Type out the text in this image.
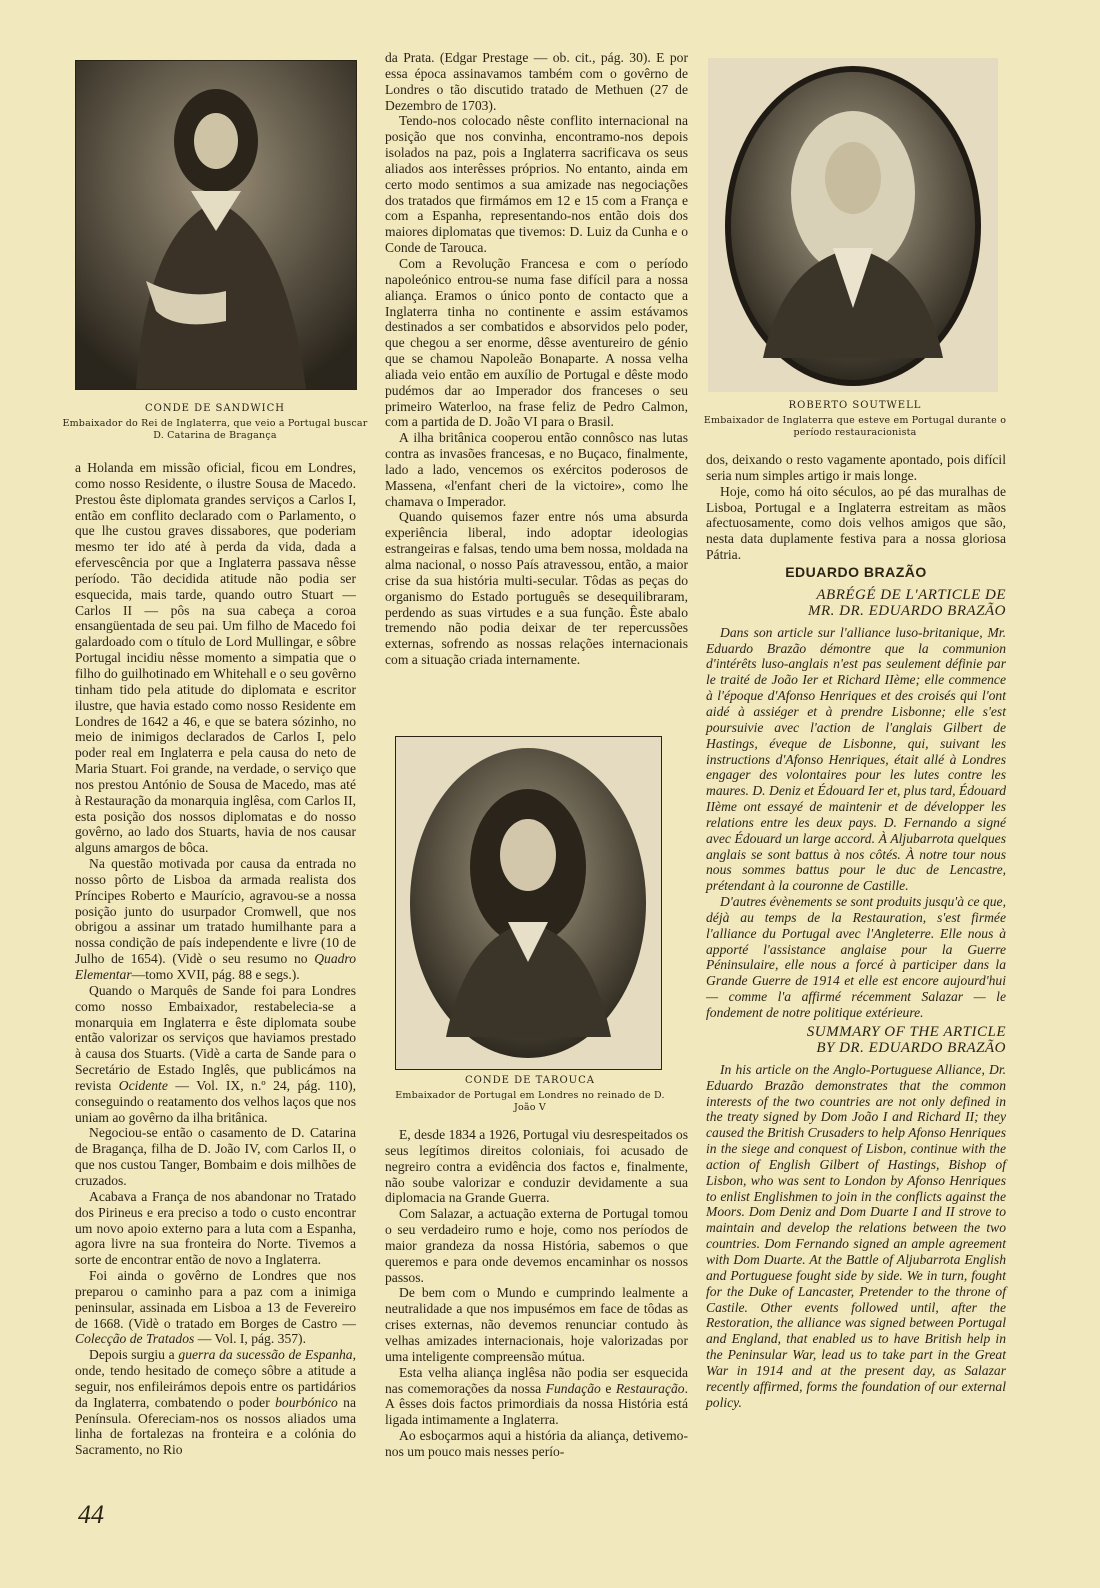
CONDE DE SANDWICH
Embaixador do Rei de Inglaterra, que veio a Portugal buscar D. Catarina de Bragança

a Holanda em missão oficial, ficou em Londres, como nosso Residente, o ilustre Sousa de Macedo. Prestou êste diplomata grandes serviços a Carlos I, então em conflito declarado com o Parlamento, o que lhe custou graves dissabores, que poderiam mesmo ter ido até à perda da vida, dada a efervescência por que a Inglaterra passava nêsse período. Tão decidida atitude não podia ser esquecida, mais tarde, quando outro Stuart — Carlos II — pôs na sua cabeça a coroa ensangüentada de seu pai. Um filho de Macedo foi galardoado com o título de Lord Mullingar, e sôbre Portugal incidiu nêsse momento a simpatia que o filho do guilhotinado em Whitehall e o seu govêrno tinham tido pela atitude do diplomata e escritor ilustre, que havia estado como nosso Residente em Londres de 1642 a 46, e que se batera sózinho, no meio de inimigos declarados de Carlos I, pelo poder real em Inglaterra e pela causa do neto de Maria Stuart. Foi grande, na verdade, o serviço que nos prestou António de Sousa de Macedo, mas até à Restauração da monarquia inglêsa, com Carlos II, esta posição dos nossos diplomatas e do nosso govêrno, ao lado dos Stuarts, havia de nos causar alguns amargos de bôca.

Na questão motivada por causa da entrada no nosso pôrto de Lisboa da armada realista dos Príncipes Roberto e Maurício, agravou-se a nossa posição junto do usurpador Cromwell, que nos obrigou a assinar um tratado humilhante para a nossa condição de país independente e livre (10 de Julho de 1654). (Vidè o seu resumo no Quadro Elementar—tomo XVII, pág. 88 e segs.).

Quando o Marquês de Sande foi para Londres como nosso Embaixador, restabelecia-se a monarquia em Inglaterra e êste diplomata soube então valorizar os serviços que haviamos prestado à causa dos Stuarts. (Vidè a carta de Sande para o Secretário de Estado Inglês, que publicámos na revista Ocidente — Vol. IX, n.º 24, pág. 110), conseguindo o reatamento dos velhos laços que nos uniam ao govêrno da ilha britânica.

Negociou-se então o casamento de D. Catarina de Bragança, filha de D. João IV, com Carlos II, o que nos custou Tanger, Bombaim e dois milhões de cruzados.

Acabava a França de nos abandonar no Tratado dos Pirineus e era preciso a todo o custo encontrar um novo apoio externo para a luta com a Espanha, agora livre na sua fronteira do Norte. Tivemos a sorte de encontrar então de novo a Inglaterra.

Foi ainda o govêrno de Londres que nos preparou o caminho para a paz com a inimiga peninsular, assinada em Lisboa a 13 de Fevereiro de 1668. (Vidè o tratado em Borges de Castro — Colecção de Tratados — Vol. I, pág. 357).

Depois surgiu a guerra da sucessão de Espanha, onde, tendo hesitado de começo sôbre a atitude a seguir, nos enfileirámos depois entre os partidários da Inglaterra, combatendo o poder bourbónico na Península. Ofereciam-nos os nossos aliados uma linha de fortalezas na fronteira e a colónia do Sacramento, no Rio

da Prata. (Edgar Prestage — ob. cit., pág. 30). E por essa época assinavamos também com o govêrno de Londres o tão discutido tratado de Methuen (27 de Dezembro de 1703).

Tendo-nos colocado nêste conflito internacional na posição que nos convinha, encontramo-nos depois isolados na paz, pois a Inglaterra sacrificava os seus aliados aos interêsses próprios. No entanto, ainda em certo modo sentimos a sua amizade nas negociações dos tratados que firmámos em 12 e 15 com a França e com a Espanha, representando-nos então dois dos maiores diplomatas que tivemos: D. Luiz da Cunha e o Conde de Tarouca.

Com a Revolução Francesa e com o período napoleónico entrou-se numa fase difícil para a nossa aliança. Eramos o único ponto de contacto que a Inglaterra tinha no continente e assim estávamos destinados a ser combatidos e absorvidos pelo poder, que chegou a ser enorme, dêsse aventureiro de génio que se chamou Napoleão Bonaparte. A nossa velha aliada veio então em auxílio de Portugal e dêste modo pudémos dar ao Imperador dos franceses o seu primeiro Waterloo, na frase feliz de Pedro Calmon, com a partida de D. João VI para o Brasil.

A ilha britânica cooperou então connôsco nas lutas contra as invasões francesas, e no Buçaco, finalmente, lado a lado, vencemos os exércitos poderosos de Massena, «l'enfant cheri de la victoire», como lhe chamava o Imperador.

Quando quisemos fazer entre nós uma absurda experiência liberal, indo adoptar ideologias estrangeiras e falsas, tendo uma bem nossa, moldada na alma nacional, o nosso País atravessou, então, a maior crise da sua história multi-secular. Tôdas as peças do organismo do Estado português se desequilibraram, perdendo as suas virtudes e a sua função. Êste abalo tremendo não podia deixar de ter repercussões externas, sofrendo as nossas relações internacionais com a situação criada internamente.

CONDE DE TAROUCA
Embaixador de Portugal em Londres no reinado de D. João V

E, desde 1834 a 1926, Portugal viu desrespeitados os seus legítimos direitos coloniais, foi acusado de negreiro contra a evidência dos factos e, finalmente, não soube valorizar e conduzir devidamente a sua diplomacia na Grande Guerra.

Com Salazar, a actuação externa de Portugal tomou o seu verdadeiro rumo e hoje, como nos períodos de maior grandeza da nossa História, sabemos o que queremos e para onde devemos encaminhar os nossos passos.

De bem com o Mundo e cumprindo lealmente a neutralidade a que nos impusémos em face de tôdas as crises externas, não devemos renunciar contudo às velhas amizades internacionais, hoje valorizadas por uma inteligente compreensão mútua.

Esta velha aliança inglêsa não podia ser esquecida nas comemorações da nossa Fundação e Restauração. A êsses dois factos primordiais da nossa História está ligada intimamente a Inglaterra.

Ao esboçarmos aqui a história da aliança, detivemo-nos um pouco mais nesses perío-

ROBERTO SOUTWELL
Embaixador de Inglaterra que esteve em Portugal durante o período restauracionista

dos, deixando o resto vagamente apontado, pois difícil seria num simples artigo ir mais longe.

Hoje, como há oito séculos, ao pé das muralhas de Lisboa, Portugal e a Inglaterra estreitam as mãos afectuosamente, como dois velhos amigos que são, nesta data duplamente festiva para a nossa gloriosa Pátria.

EDUARDO BRAZÃO
ABRÉGÉ DE L'ARTICLE DE
MR. DR. EDUARDO BRAZÃO

Dans son article sur l'alliance luso-britanique, Mr. Eduardo Brazão démontre que la communion d'intérêts luso-anglais n'est pas seulement définie par le traité de João Ier et Richard IIème; elle commence à l'époque d'Afonso Henriques et des croisés qui l'ont aidé à assiéger et à prendre Lisbonne; elle s'est poursuivie avec l'action de l'anglais Gilbert de Hastings, éveque de Lisbonne, qui, suivant les instructions d'Afonso Henriques, était allé à Londres engager des volontaires pour les lutes contre les maures. D. Deniz et Édouard Ier et, plus tard, Édouard IIème ont essayé de maintenir et de développer les relations entre les deux pays. D. Fernando a signé avec Édouard un large accord. À Aljubarrota quelques anglais se sont battus à nos côtés. À notre tour nous nous sommes battus pour le duc de Lencastre, prétendant à la couronne de Castille.

D'autres évènements se sont produits jusqu'à ce que, déjà au temps de la Restauration, s'est firmée l'alliance du Portugal avec l'Angleterre. Elle nous à apporté l'assistance anglaise pour la Guerre Péninsulaire, elle nous a forcé à participer dans la Grande Guerre de 1914 et elle est encore aujourd'hui — comme l'a affirmé récemment Salazar — le fondement de notre politique extérieure.

SUMMARY OF THE ARTICLE
BY DR. EDUARDO BRAZÃO

In his article on the Anglo-Portuguese Alliance, Dr. Eduardo Brazão demonstrates that the common interests of the two countries are not only defined in the treaty signed by Dom João I and Richard II; they caused the British Crusaders to help Afonso Henriques in the siege and conquest of Lisbon, continue with the action of English Gilbert of Hastings, Bishop of Lisbon, who was sent to London by Afonso Henriques to enlist Englishmen to join in the conflicts against the Moors. Dom Deniz and Dom Duarte I and II strove to maintain and develop the relations between the two countries. Dom Fernando signed an ample agreement with Dom Duarte. At the Battle of Aljubarrota English and Portuguese fought side by side. We in turn, fought for the Duke of Lancaster, Pretender to the throne of Castile. Other events followed until, after the Restoration, the alliance was signed between Portugal and England, that enabled us to have British help in the Peninsular War, lead us to take part in the Great War in 1914 and at the present day, as Salazar recently affirmed, forms the foundation of our external policy.

44
